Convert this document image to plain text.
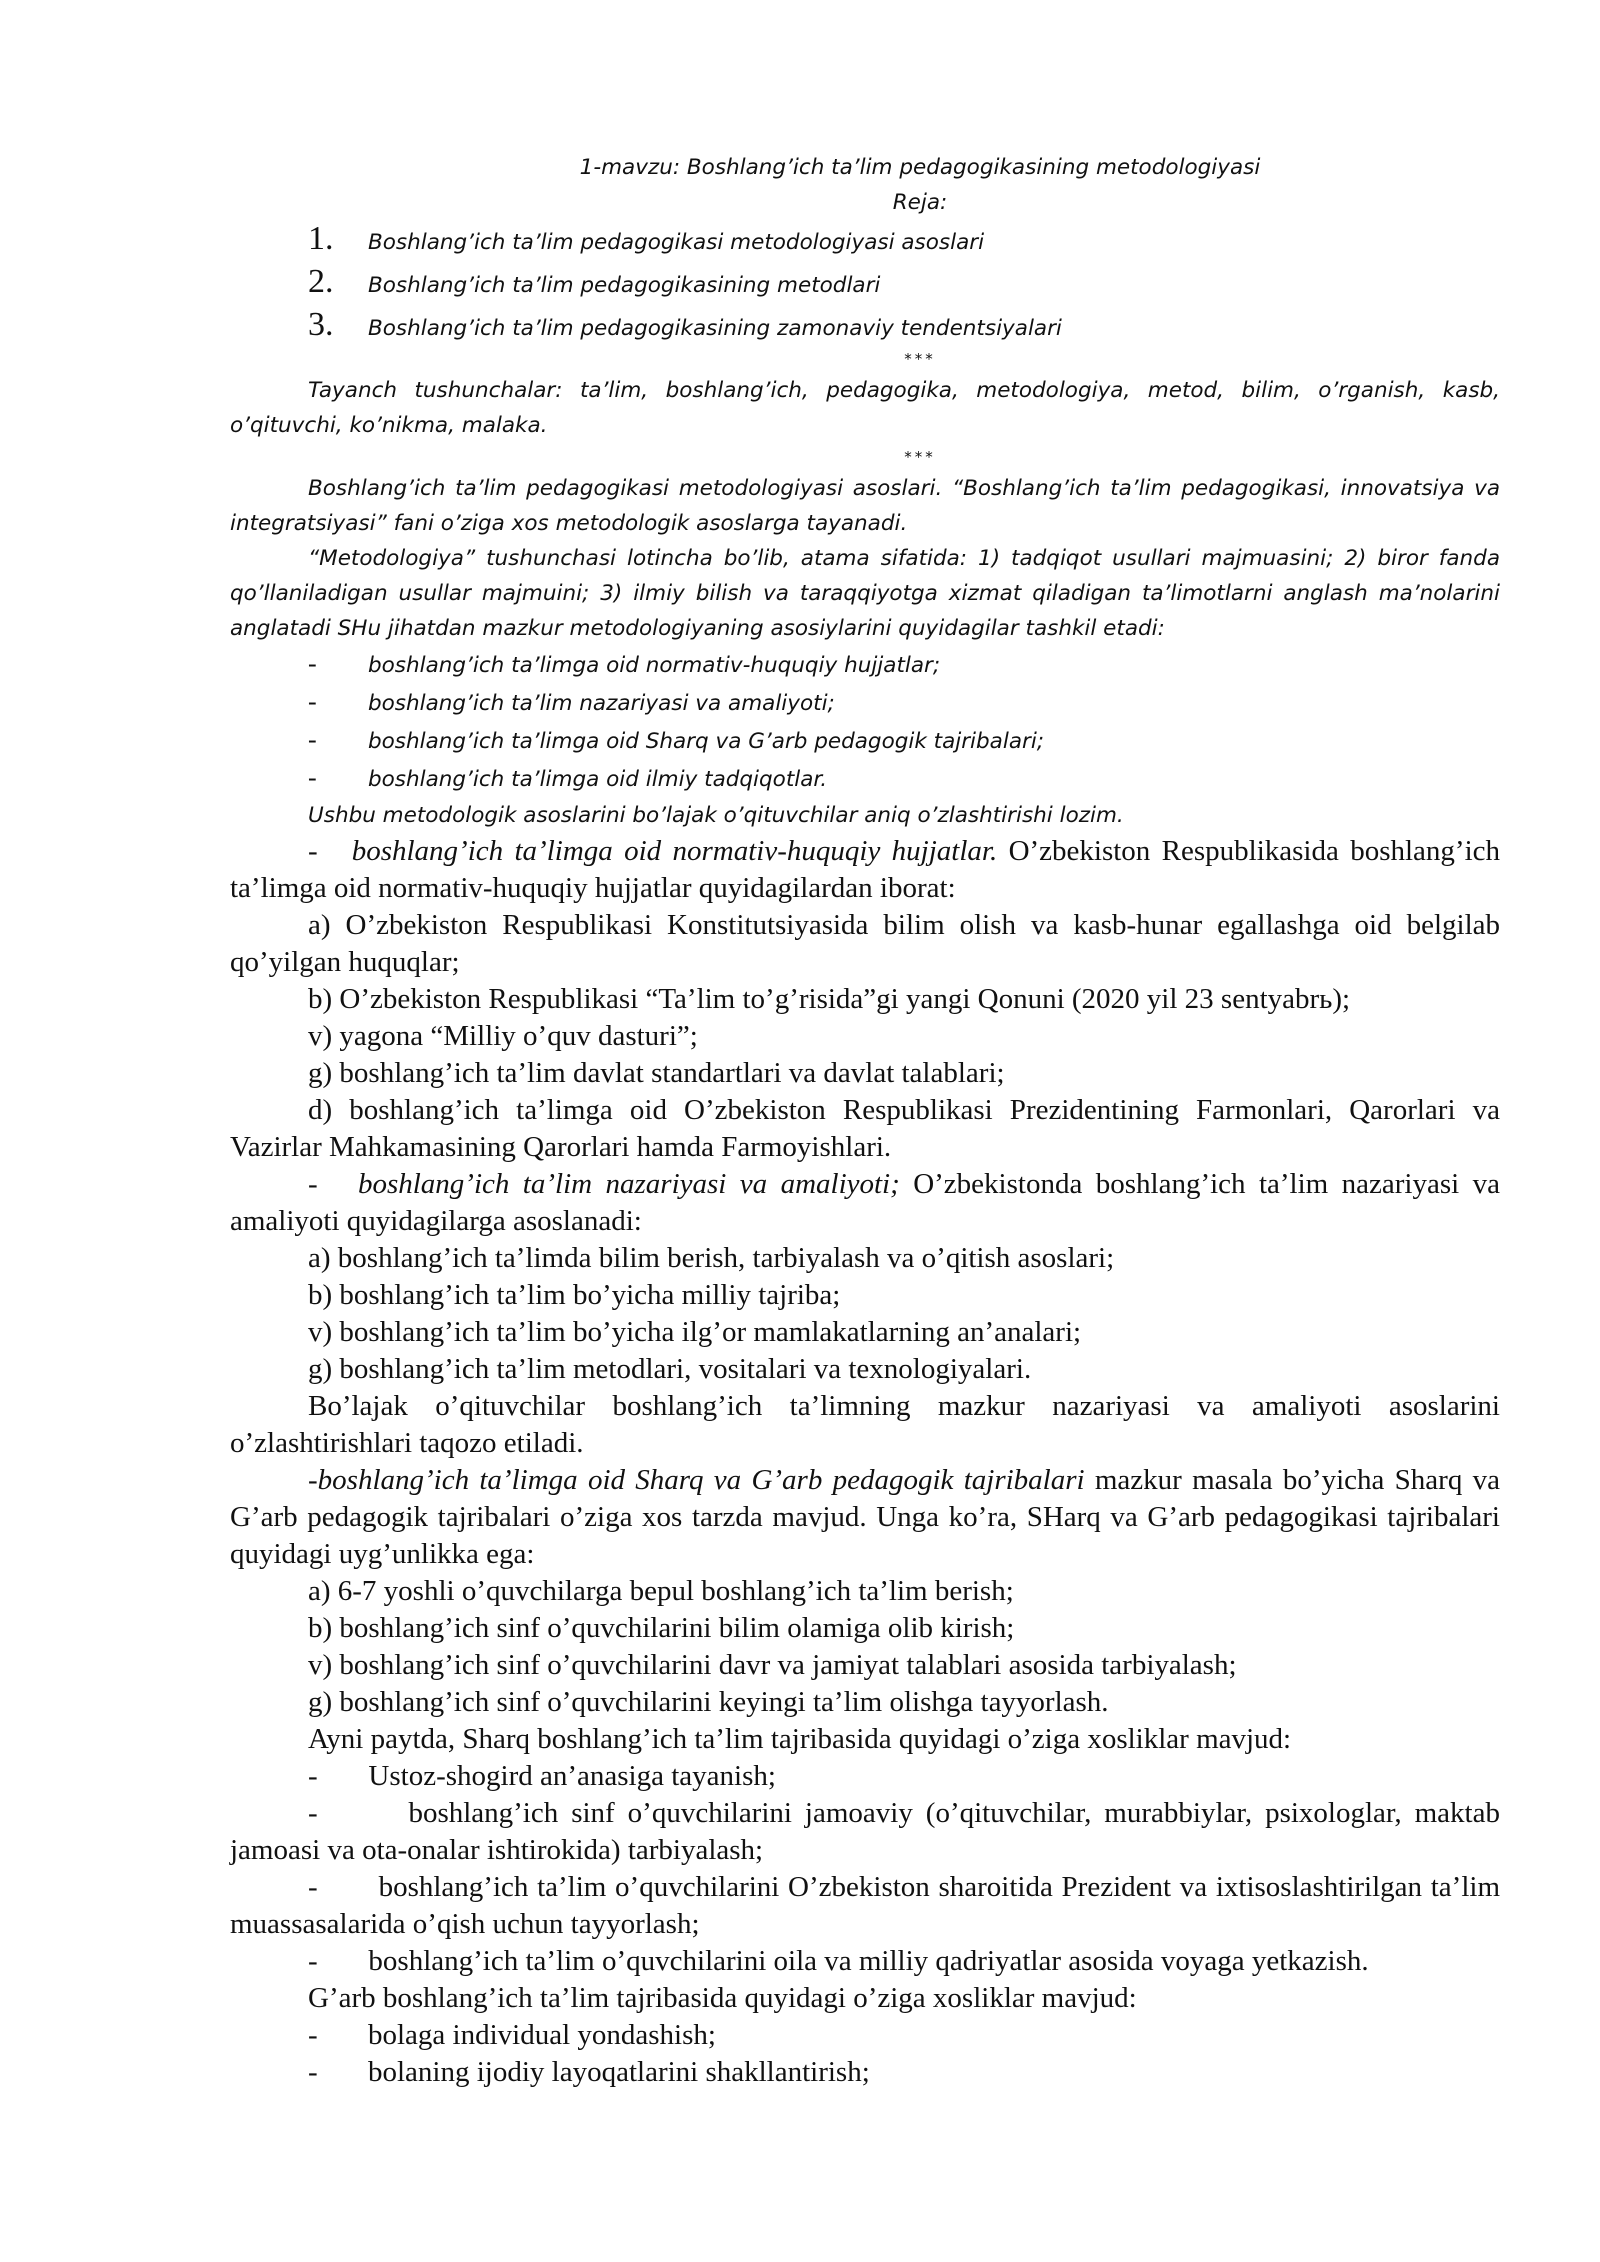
1-mavzu: Boshlang’ich ta’lim pedagogikasining metodologiyasi

Reja:

1.	Boshlang’ich ta’lim pedagogikasi metodologiyasi asoslari
2.	Boshlang’ich ta’lim pedagogikasining metodlari
3.	Boshlang’ich ta’lim pedagogikasining zamonaviy tendentsiyalari
***

Tayanch tushunchalar: ta’lim, boshlang’ich, pedagogika, metodologiya, metod, bilim, o’rganish, kasb, o’qituvchi, ko’nikma, malaka.

***

Boshlang’ich ta’lim pedagogikasi metodologiyasi asoslari. “Boshlang’ich ta’lim pedagogikasi, innovatsiya va integratsiyasi” fani o’ziga xos metodologik asoslarga tayanadi.

“Metodologiya” tushunchasi lotincha bo’lib, atama sifatida: 1) tadqiqot usullari majmuasini; 2) biror fanda qo’llaniladigan usullar majmuini; 3) ilmiy bilish va taraqqiyotga xizmat qiladigan ta’limotlarni anglash ma’nolarini anglatadi SHu jihatdan mazkur metodologiyaning asosiylarini quyidagilar tashkil etadi:

-	boshlang’ich ta’limga oid normativ-huquqiy hujjatlar;
-	boshlang’ich ta’lim nazariyasi va amaliyoti;
-	boshlang’ich ta’limga oid Sharq va G’arb pedagogik tajribalari;
-	boshlang’ich ta’limga oid ilmiy tadqiqotlar.

Ushbu metodologik asoslarini bo’lajak o’qituvchilar aniq o’zlashtirishi lozim.

- boshlang’ich ta’limga oid normativ-huquqiy hujjatlar. O’zbekiston Respublikasida boshlang’ich ta’limga oid normativ-huquqiy hujjatlar quyidagilardan iborat:

a) O’zbekiston Respublikasi Konstitutsiyasida bilim olish va kasb-hunar egallashga oid belgilab qo’yilgan huquqlar;

b) O’zbekiston Respublikasi “Ta’lim to’g’risida”gi yangi Qonuni (2020 yil 23 sentyabrь);

v) yagona “Milliy o’quv dasturi”;

g) boshlang’ich ta’lim davlat standartlari va davlat talablari;

d) boshlang’ich ta’limga oid O’zbekiston Respublikasi Prezidentining Farmonlari, Qarorlari va Vazirlar Mahkamasining Qarorlari hamda Farmoyishlari.

- boshlang’ich ta’lim nazariyasi va amaliyoti; O’zbekistonda boshlang’ich ta’lim nazariyasi va amaliyoti quyidagilarga asoslanadi:

a) boshlang’ich ta’limda bilim berish, tarbiyalash va o’qitish asoslari;

b) boshlang’ich ta’lim bo’yicha milliy tajriba;

v) boshlang’ich ta’lim bo’yicha ilg’or mamlakatlarning an’analari;

g) boshlang’ich ta’lim metodlari, vositalari va texnologiyalari.

Bo’lajak o’qituvchilar boshlang’ich ta’limning mazkur nazariyasi va amaliyoti asoslarini o’zlashtirishlari taqozo etiladi.

-boshlang’ich ta’limga oid Sharq va G’arb pedagogik tajribalari mazkur masala bo’yicha Sharq va G’arb pedagogik tajribalari o’ziga xos tarzda mavjud. Unga ko’ra, SHarq va G’arb pedagogikasi tajribalari quyidagi uyg’unlikka ega:

a) 6-7 yoshli o’quvchilarga bepul boshlang’ich ta’lim berish;

b) boshlang’ich sinf o’quvchilarini bilim olamiga olib kirish;

v) boshlang’ich sinf o’quvchilarini davr va jamiyat talablari asosida tarbiyalash;

g) boshlang’ich sinf o’quvchilarini keyingi ta’lim olishga tayyorlash.

Ayni paytda, Sharq boshlang’ich ta’lim tajribasida quyidagi o’ziga xosliklar mavjud:

- Ustoz-shogird an’anasiga tayanish;

-	boshlang’ich sinf o’quvchilarini jamoaviy (o’qituvchilar, murabbiylar, psixologlar, maktab jamoasi va ota-onalar ishtirokida) tarbiyalash;

- boshlang’ich ta’lim o’quvchilarini O’zbekiston sharoitida Prezident va ixtisoslashtirilgan ta’lim muassasalarida o’qish uchun tayyorlash;

- boshlang’ich ta’lim o’quvchilarini oila va milliy qadriyatlar asosida voyaga yetkazish.

G’arb boshlang’ich ta’lim tajribasida quyidagi o’ziga xosliklar mavjud:

-	bolaga individual yondashish;
-	bolaning ijodiy layoqatlarini shakllantirish;
